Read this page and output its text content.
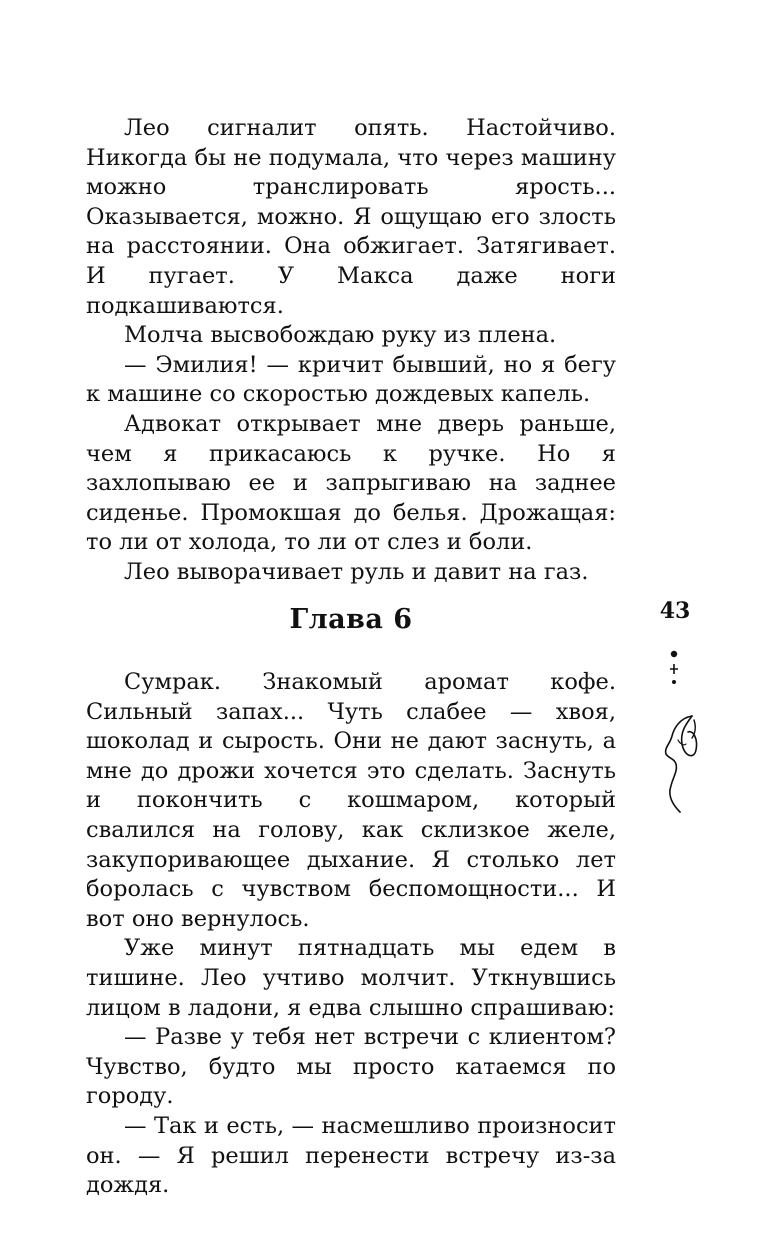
Лео сигналит опять. Настойчиво. Никогда бы не подумала, что через машину можно транслировать ярость... Оказывается, можно. Я ощущаю его злость на расстоянии. Она обжигает. Затягивает. И пугает. У Макса даже ноги подкашиваются.

Молча высвобождаю руку из плена.

— Эмилия! — кричит бывший, но я бегу к машине со скоростью дождевых капель.

Адвокат открывает мне дверь раньше, чем я прикасаюсь к ручке. Но я захлопываю ее и запрыгиваю на заднее сиденье. Промокшая до белья. Дрожащая: то ли от холода, то ли от слез и боли.

Лео выворачивает руль и давит на газ.

Глава 6	43

Сумрак. Знакомый аромат кофе. Сильный запах... Чуть слабее — хвоя, шоколад и сырость. Они не дают заснуть, а мне до дрожи хочется это сделать. Заснуть и покончить с кошмаром, который свалился на голову, как склизкое желе, закупоривающее дыхание. Я столько лет боролась с чувством беспомощности... И вот оно вернулось.

Уже минут пятнадцать мы едем в тишине. Лео учтиво молчит. Уткнувшись лицом в ладони, я едва слышно спрашиваю:

— Разве у тебя нет встречи с клиентом? Чувство, будто мы просто катаемся по городу.

— Так и есть, — насмешливо произносит он. — Я решил перенести встречу из-за дождя.
